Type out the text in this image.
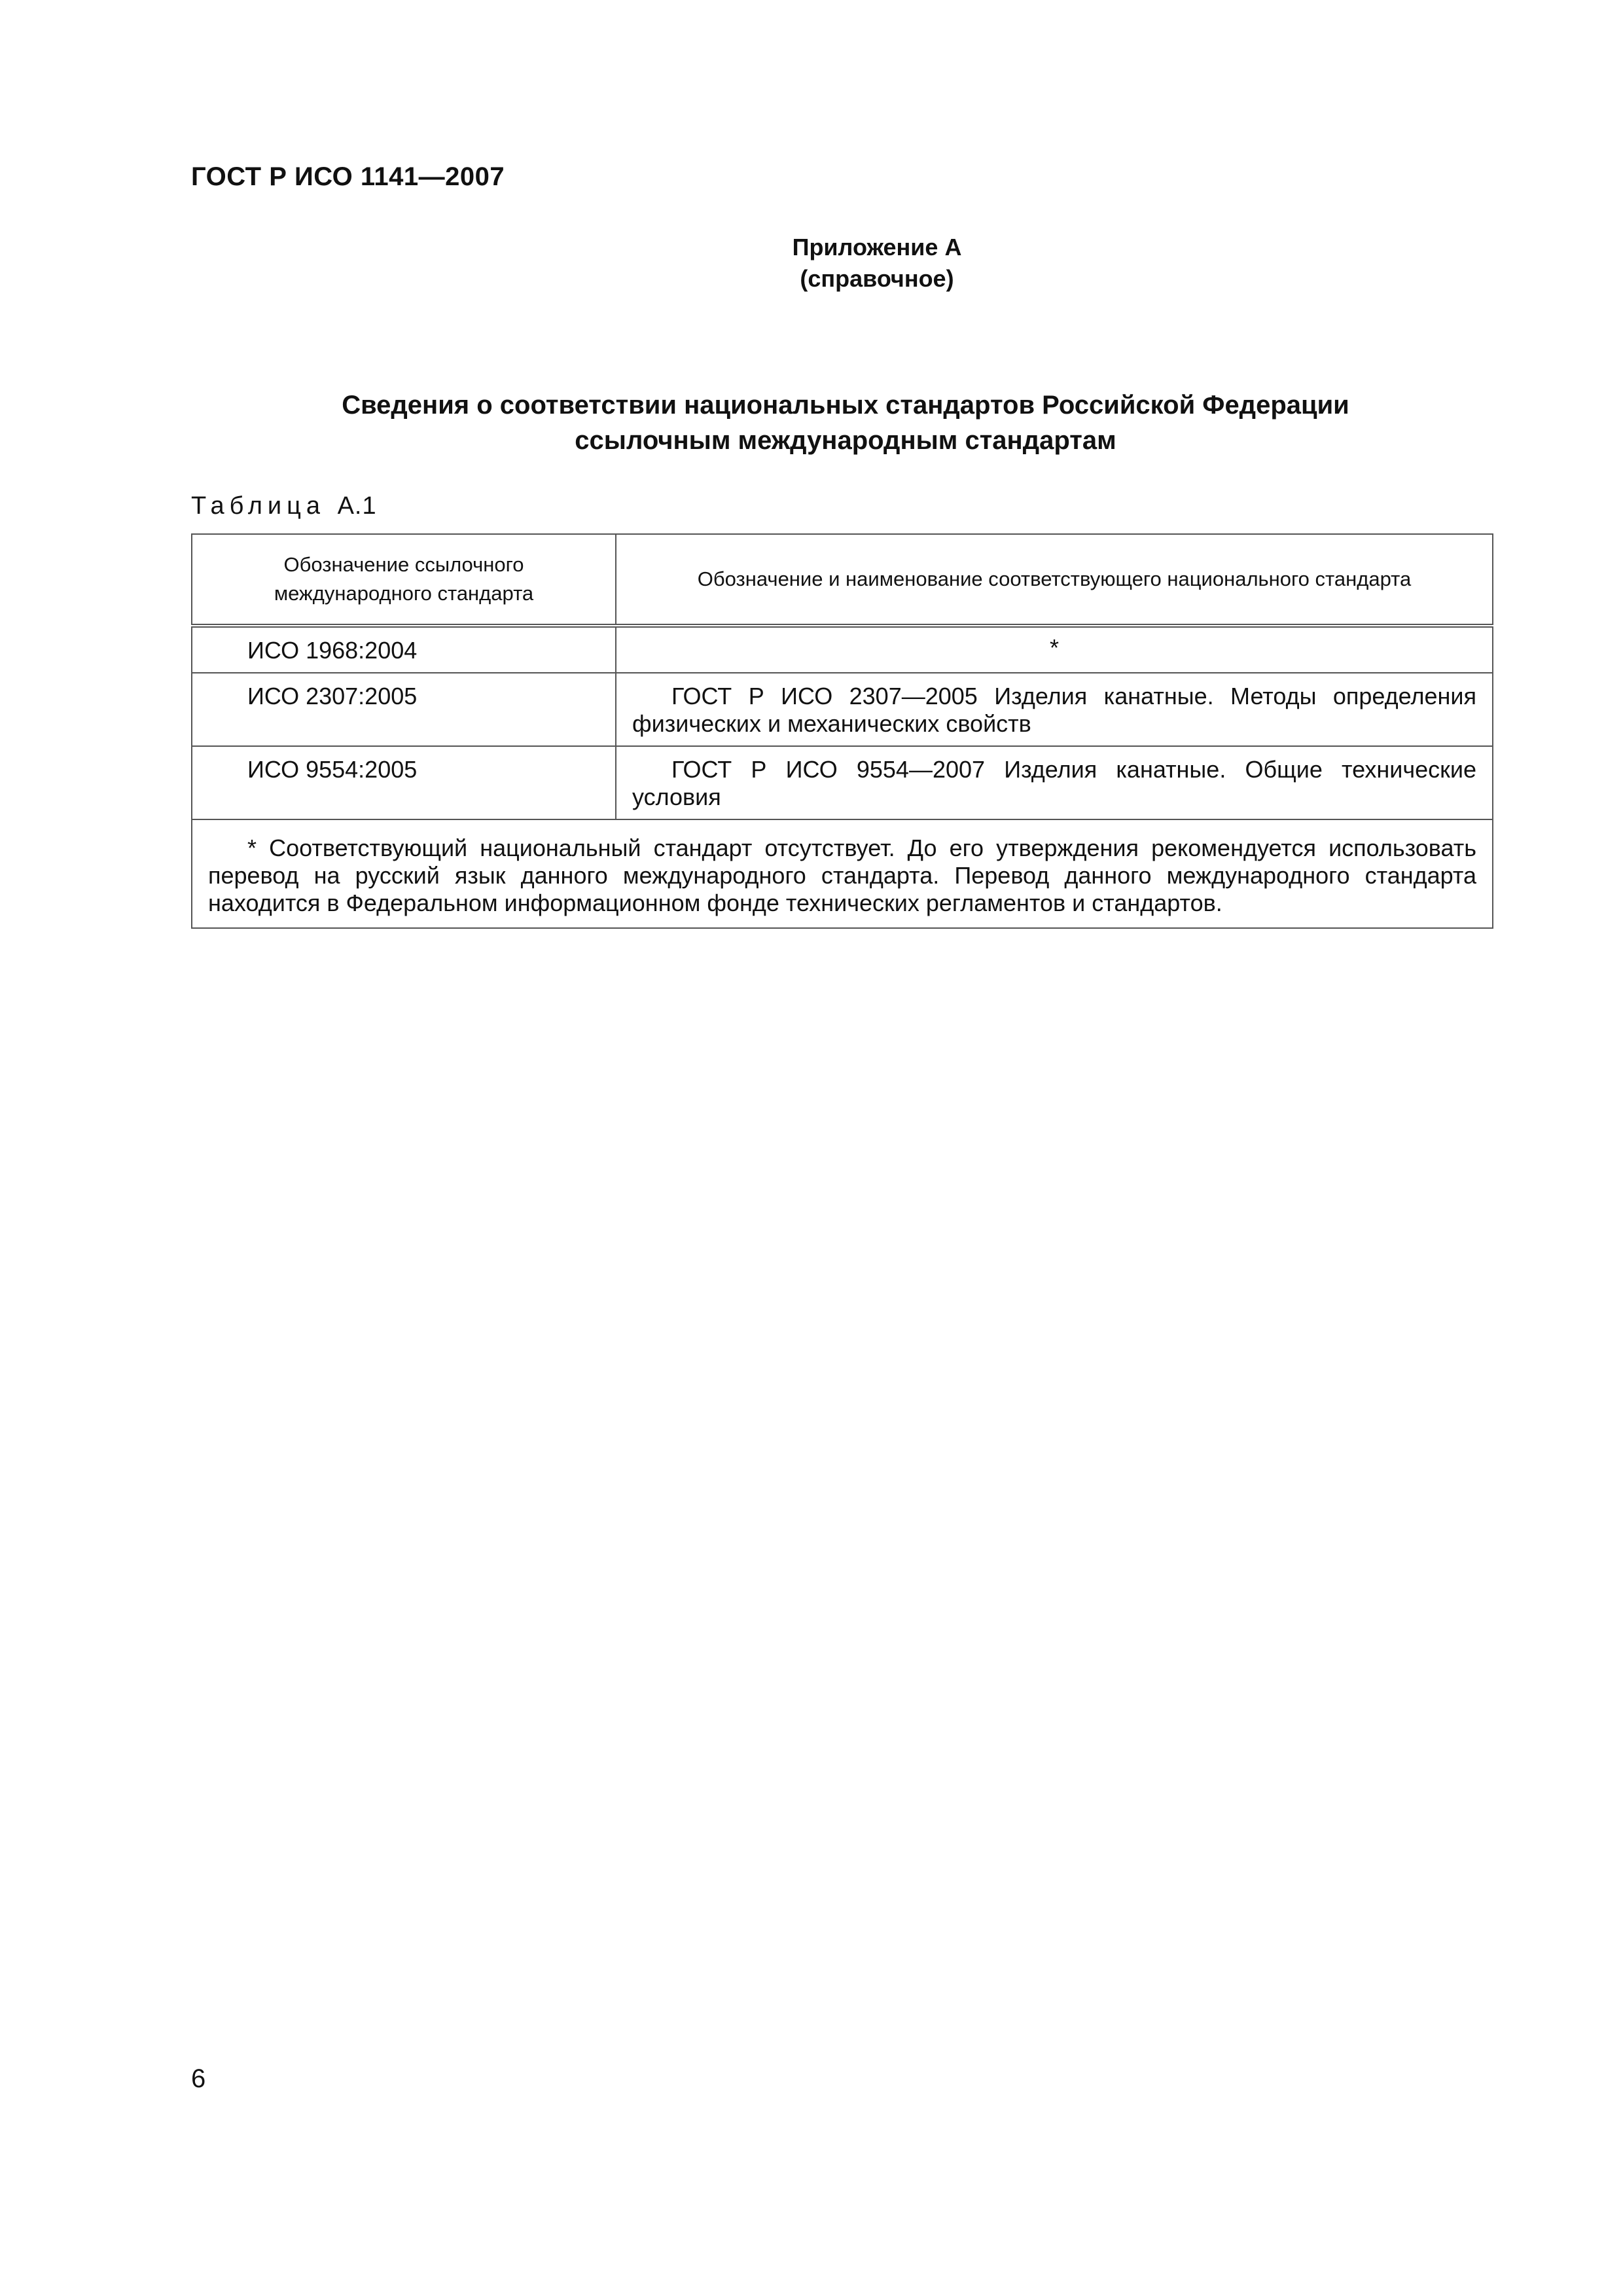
ГОСТ Р ИСО 1141—2007
Приложение А
(справочное)
Сведения о соответствии национальных стандартов Российской Федерации
ссылочным международным стандартам
Таблица А.1
Обозначение ссылочного международного стандарта	Обозначение и наименование соответствующего национального стандарта
ИСО 1968:2004	*
ИСО 2307:2005	ГОСТ Р ИСО 2307—2005 Изделия канатные. Методы определения физических и механических свойств
ИСО 9554:2005	ГОСТ Р ИСО 9554—2007 Изделия канатные. Общие технические условия
* Соответствующий национальный стандарт отсутствует. До его утверждения рекомендуется использовать перевод на русский язык данного международного стандарта. Перевод данного международного стандарта находится в Федеральном информационном фонде технических регламентов и стандартов.	
6
